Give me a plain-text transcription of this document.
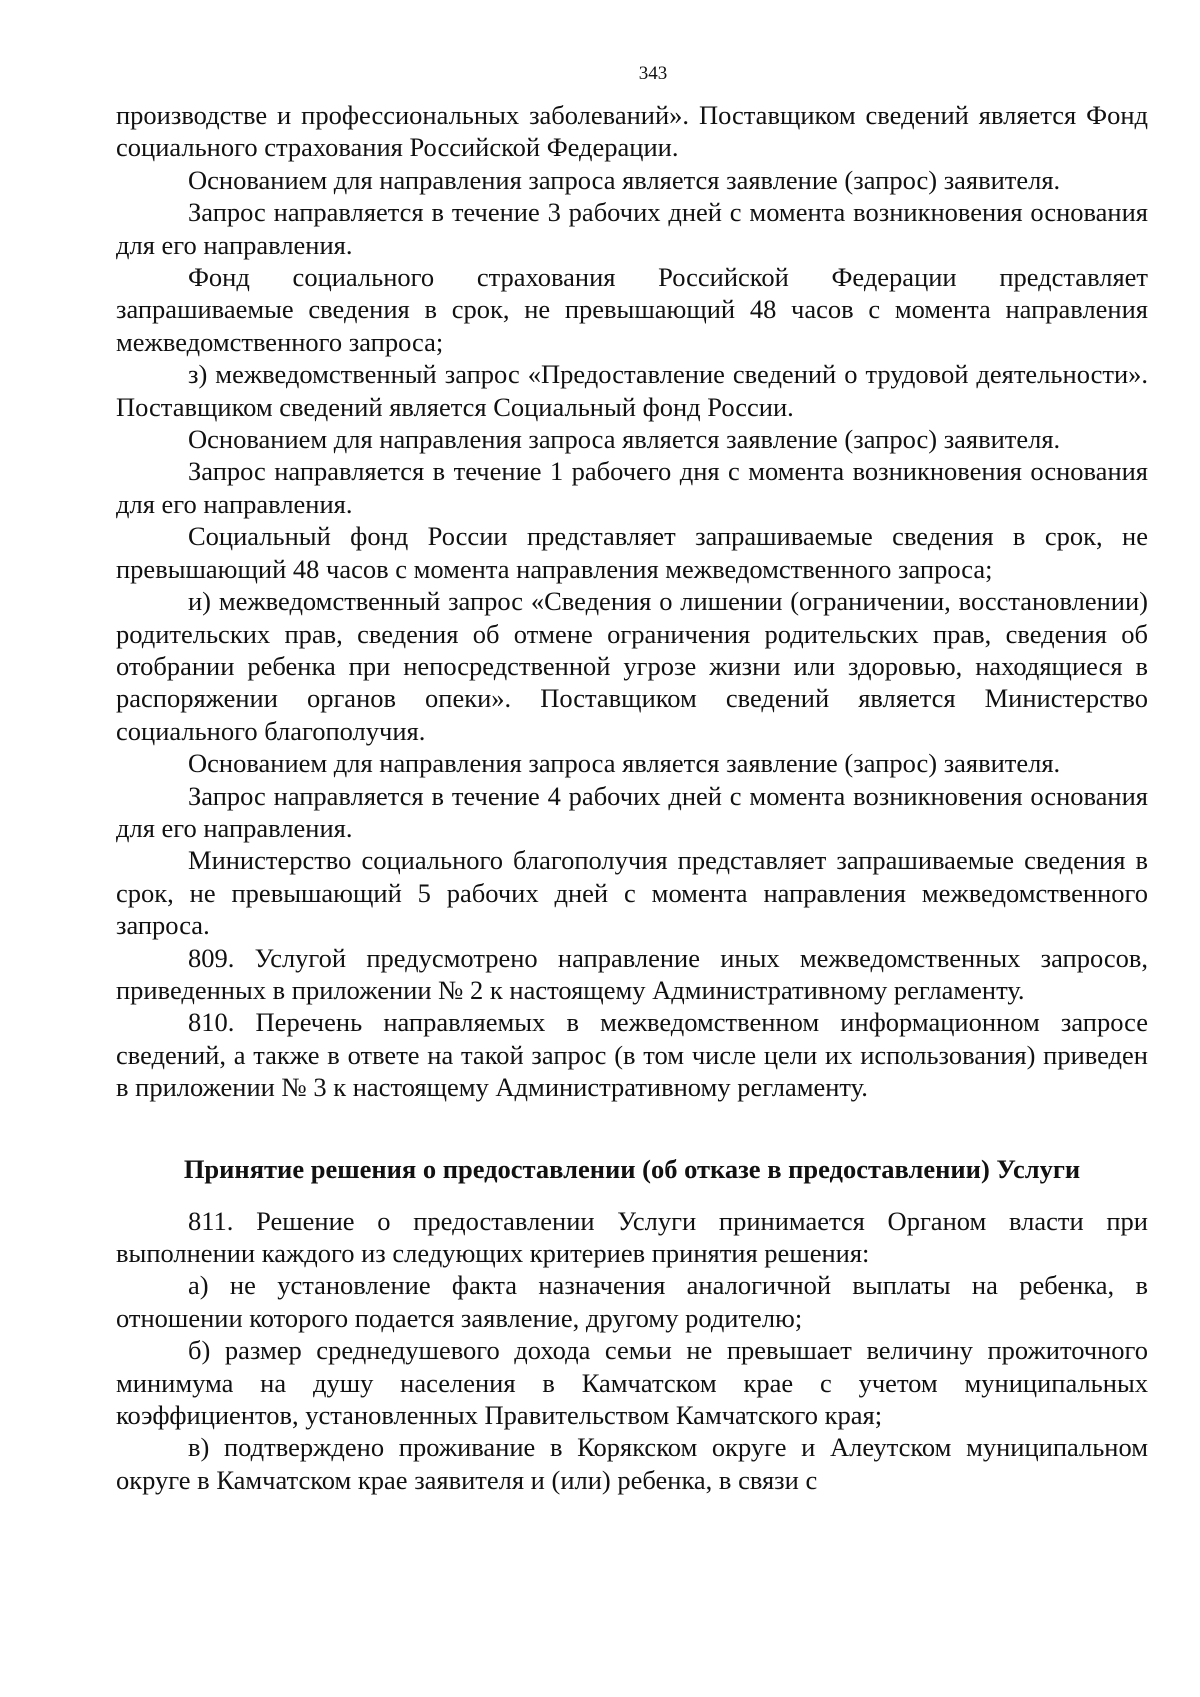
343

производстве и профессиональных заболеваний». Поставщиком сведений является Фонд социального страхования Российской Федерации.

Основанием для направления запроса является заявление (запрос) заявителя.

Запрос направляется в течение 3 рабочих дней с момента возникновения основания для его направления.

Фонд социального страхования Российской Федерации представляет запрашиваемые сведения в срок, не превышающий 48 часов с момента направления межведомственного запроса;

з) межведомственный запрос «Предоставление сведений о трудовой деятельности». Поставщиком сведений является Социальный фонд России.

Основанием для направления запроса является заявление (запрос) заявителя.

Запрос направляется в течение 1 рабочего дня с момента возникновения основания для его направления.

Социальный фонд России представляет запрашиваемые сведения в срок, не превышающий 48 часов с момента направления межведомственного запроса;

и) межведомственный запрос «Сведения о лишении (ограничении, восстановлении) родительских прав, сведения об отмене ограничения родительских прав, сведения об отобрании ребенка при непосредственной угрозе жизни или здоровью, находящиеся в распоряжении органов опеки». Поставщиком сведений является Министерство социального благополучия.

Основанием для направления запроса является заявление (запрос) заявителя.

Запрос направляется в течение 4 рабочих дней с момента возникновения основания для его направления.

Министерство социального благополучия представляет запрашиваемые сведения в срок, не превышающий 5 рабочих дней с момента направления межведомственного запроса.

809. Услугой предусмотрено направление иных межведомственных запросов, приведенных в приложении № 2 к настоящему Административному регламенту.

810. Перечень направляемых в межведомственном информационном запросе сведений, а также в ответе на такой запрос (в том числе цели их использования) приведен в приложении № 3 к настоящему Административному регламенту.

Принятие решения о предоставлении (об отказе в предоставлении) Услуги

811. Решение о предоставлении Услуги принимается Органом власти при выполнении каждого из следующих критериев принятия решения:

а) не установление факта назначения аналогичной выплаты на ребенка, в отношении которого подается заявление, другому родителю;

б) размер среднедушевого дохода семьи не превышает величину прожиточного минимума на душу населения в Камчатском крае с учетом муниципальных коэффициентов, установленных Правительством Камчатского края;

в) подтверждено проживание в Корякском округе и Алеутском муниципальном округе в Камчатском крае заявителя и (или) ребенка, в связи с
